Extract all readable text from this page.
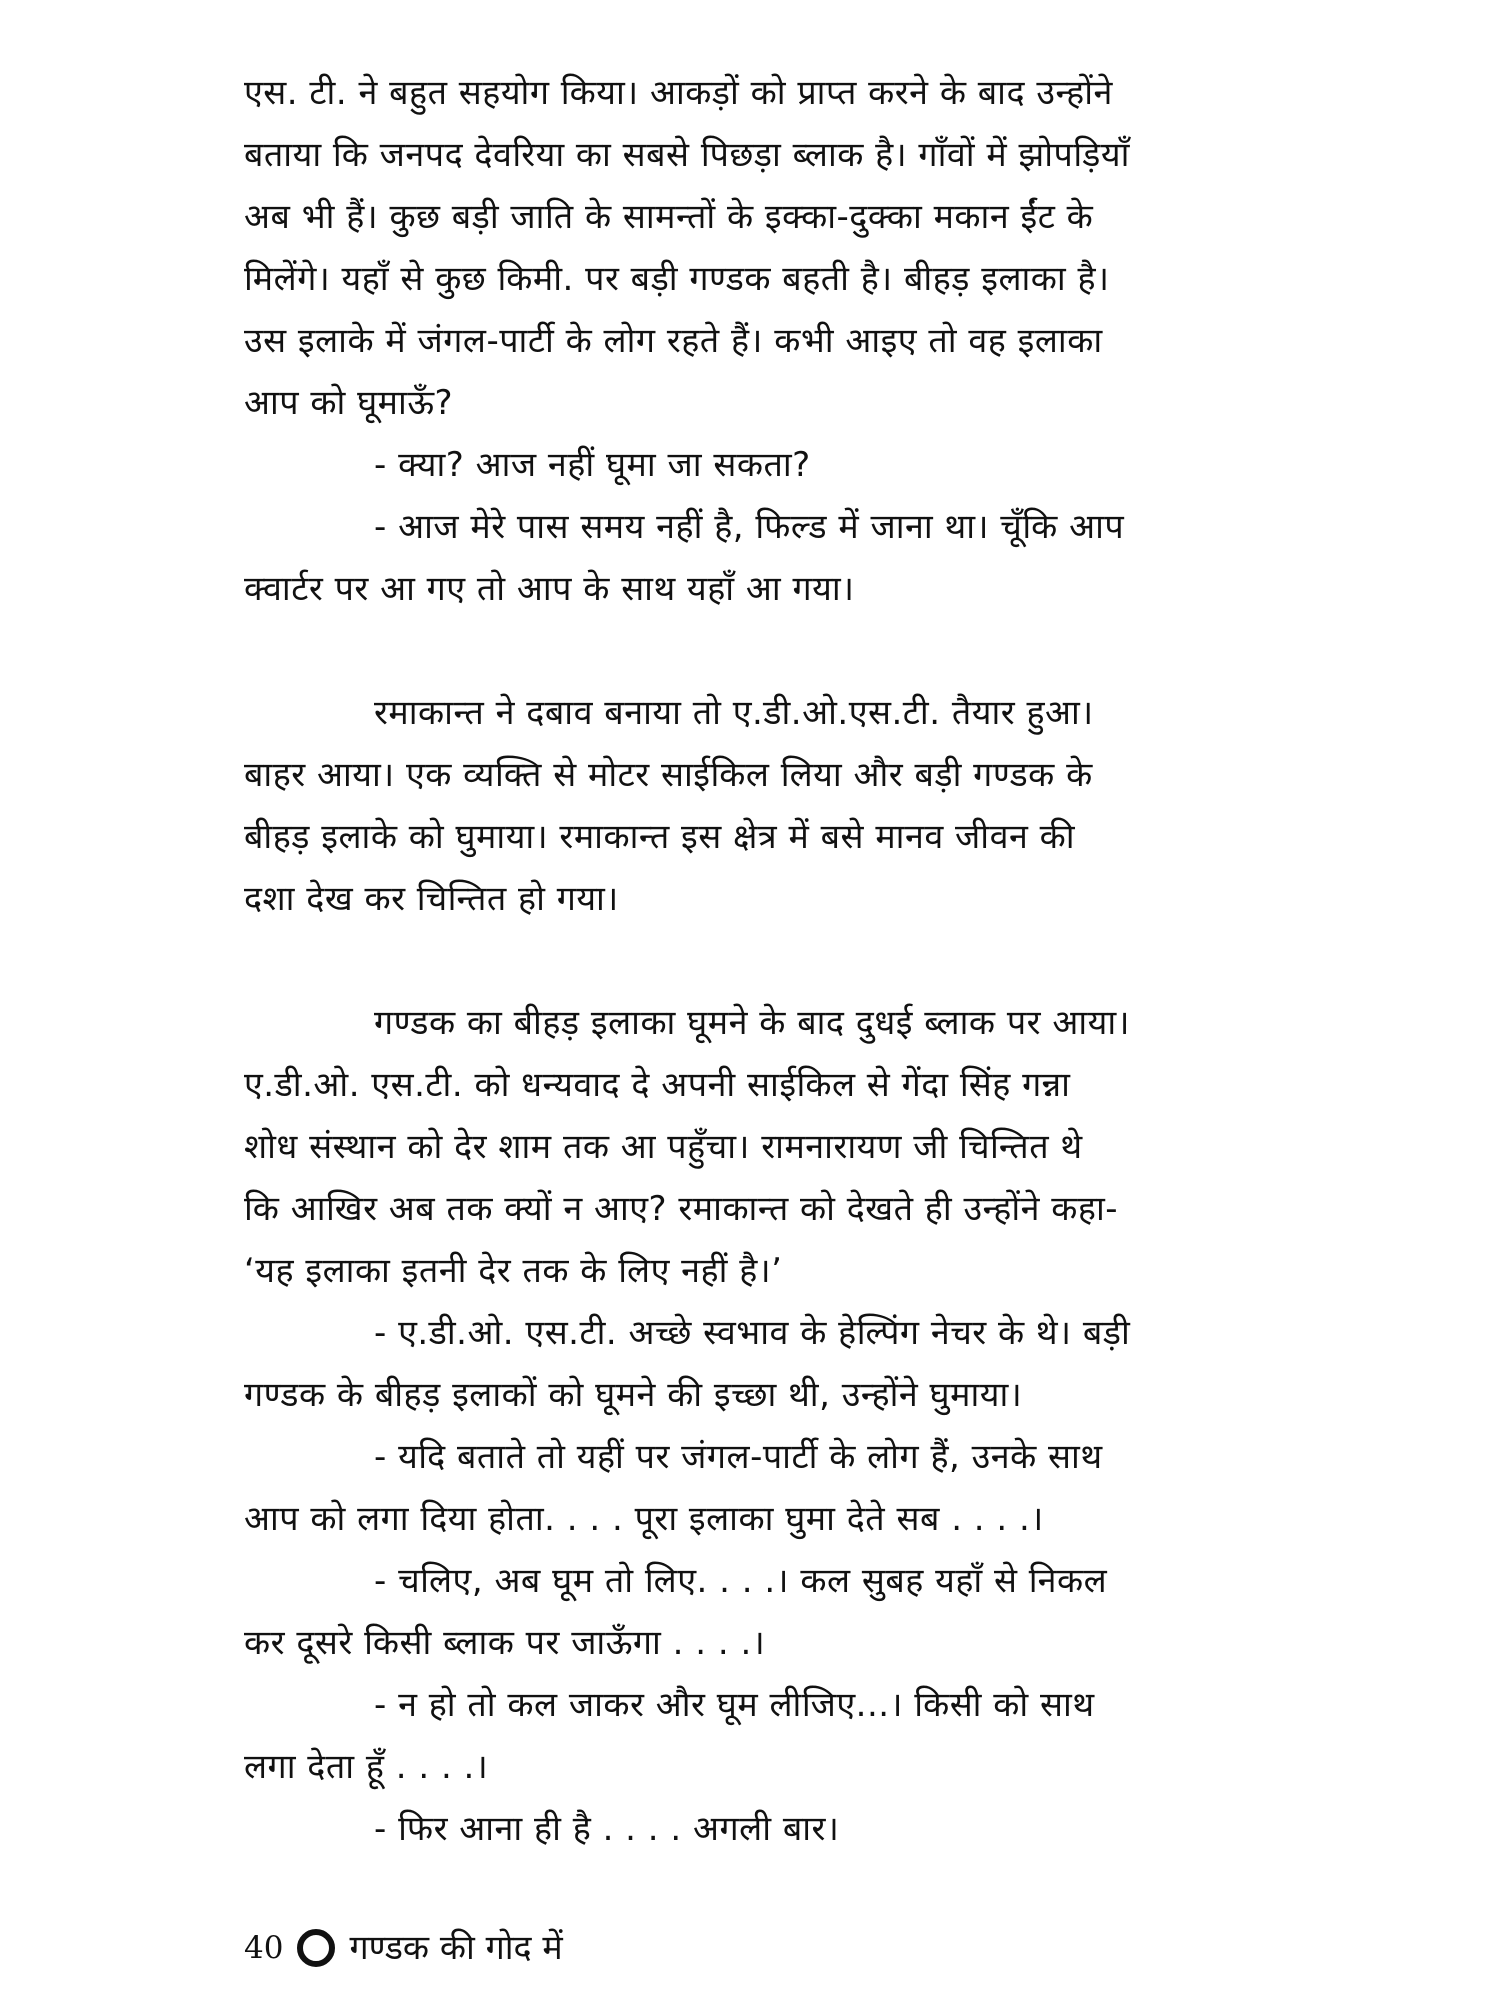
एस. टी. ने बहुत सहयोग किया। आकड़ों को प्राप्त करने के बाद उन्होंने
बताया कि जनपद देवरिया का सबसे पिछड़ा ब्लाक है। गाँवों में झोपड़ियाँ
अब भी हैं। कुछ बड़ी जाति के सामन्तों के इक्का-दुक्का मकान ईंट के
मिलेंगे। यहाँ से कुछ किमी. पर बड़ी गण्डक बहती है। बीहड़ इलाका है।
उस इलाके में जंगल-पार्टी के लोग रहते हैं। कभी आइए तो वह इलाका
आप को घूमाऊँ?
- क्या? आज नहीं घूमा जा सकता?
- आज मेरे पास समय नहीं है, फिल्ड में जाना था। चूँकि आप
क्वार्टर पर आ गए तो आप के साथ यहाँ आ गया।
रमाकान्त ने दबाव बनाया तो ए.डी.ओ.एस.टी. तैयार हुआ।
बाहर आया। एक व्यक्ति से मोटर साईकिल लिया और बड़ी गण्डक के
बीहड़ इलाके को घुमाया। रमाकान्त इस क्षेत्र में बसे मानव जीवन की
दशा देख कर चिन्तित हो गया।
गण्डक का बीहड़ इलाका घूमने के बाद दुधई ब्लाक पर आया।
ए.डी.ओ. एस.टी. को धन्यवाद दे अपनी साईकिल से गेंदा सिंह गन्ना
शोध संस्थान को देर शाम तक आ पहुँचा। रामनारायण जी चिन्तित थे
कि आखिर अब तक क्यों न आए? रमाकान्त को देखते ही उन्होंने कहा-
‘यह इलाका इतनी देर तक के लिए नहीं है।’
- ए.डी.ओ. एस.टी. अच्छे स्वभाव के हेल्पिंग नेचर के थे। बड़ी
गण्डक के बीहड़ इलाकों को घूमने की इच्छा थी, उन्होंने घुमाया।
- यदि बताते तो यहीं पर जंगल-पार्टी के लोग हैं, उनके साथ
आप को लगा दिया होता. . . . पूरा इलाका घुमा देते सब . . . .।
- चलिए, अब घूम तो लिए. . . .। कल सुबह यहाँ से निकल
कर दूसरे किसी ब्लाक पर जाऊँगा . . . .।
- न हो तो कल जाकर और घूम लीजिए...। किसी को साथ
लगा देता हूँ . . . .।
- फिर आना ही है . . . . अगली बार।
40 गण्डक की गोद में
